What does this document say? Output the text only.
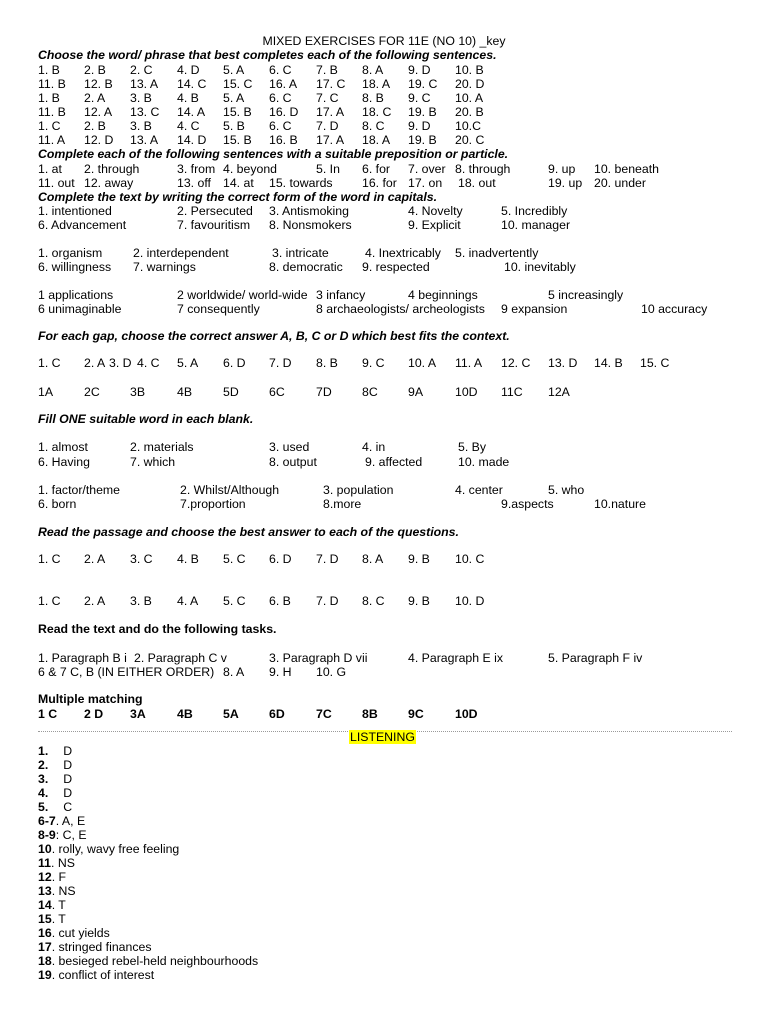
MIXED EXERCISES FOR 11E (NO 10) _key
Choose the word/ phrase that best completes each of the following sentences.
1. B 2. B 2. C 4. D 5. A 6. C 7. B 8. A 9. D 10. B
11. B 12. B 13. A 14. C 15. C 16. A 17. C 18. A 19. C 20. D
1. B 2. A 3. B 4. B 5. A 6. C 7. C 8. B 9. C 10. A
11. B 12. A 13. C 14. A 15. B 16. D 17. A 18. C 19. B 20. B
1. C 2. B 3. B 4. C 5. B 6. C 7. D 8. C 9. D 10.C
11. A 12. D 13. A 14. D 15. B 16. B 17. A 18. A 19. B 20. C
Complete each of the following sentences with a suitable preposition or particle.
1. at 2. through	3. from 4. beyond	5. In 6. for 7. over 8. through	9. up 10. beneath
11. out 12. away	13. off 14. at 15. towards 16. for 17. on 18. out	19. up 20. under
Complete the text by writing the correct form of the word in capitals.
1. intentioned	2. Persecuted 3. Antismoking	4. Novelty	5. Incredibly
6. Advancement	7. favouritism 8. Nonsmokers	9. Explicit	10. manager
1. organism	2. interdependent	3. intricate	4. Inextricably 5. inadvertently
6. willingness 7. warnings	8. democratic 9. respected	10. inevitably
1 applications	2 worldwide/ world-wide 3 infancy	4 beginnings	5 increasingly
6 unimaginable	7 consequently	8 archaeologists/ archeologists 9 expansion	10 accuracy
For each gap, choose the correct answer A, B, C or D which best fits the context.
1. C 2. A 3. D 4. C 5. A 6. D 7. D 8. B 9. C 10. A 11. A 12. C 13. D 14. B 15. C
1A	2C 3B	4B	5D 6C	7D 8C 9A	10D 11C 12A
Fill ONE suitable word in each blank.
1. almost	2. materials	3. used	4. in	5. By
6. Having	7. which	8. output	9. affected	10. made
1. factor/theme	2. Whilst/Although	3. population	4. center	5. who
6. born	7.proportion	8.more	9.aspects	10.nature
Read the passage and choose the best answer to each of the questions.
1. C 2. A 3. C 4. B 5. C 6. D 7. D 8. A 9. B 10. C
1. C 2. A 3. B 4. A 5. C 6. B 7. D 8. C 9. B 10. D
Read the text and do the following tasks.
1. Paragraph B i 2. Paragraph C v	3. Paragraph D vii	4. Paragraph E ix	5. Paragraph F iv
6 & 7 C, B (IN EITHER ORDER) 8. A 9. H 10. G
Multiple matching
1 C 2 D 3A	4B 5A 6D	7C 8B 9C	10D
LISTENING
1. D
2. D
3. D
4. D
5. C
6-7. A, E
8-9: C, E
10. rolly, wavy free feeling
11. NS
12. F
13. NS
14. T
15. T
16. cut yields
17. stringed finances
18. besieged rebel-held neighbourhoods
19. conflict of interest
